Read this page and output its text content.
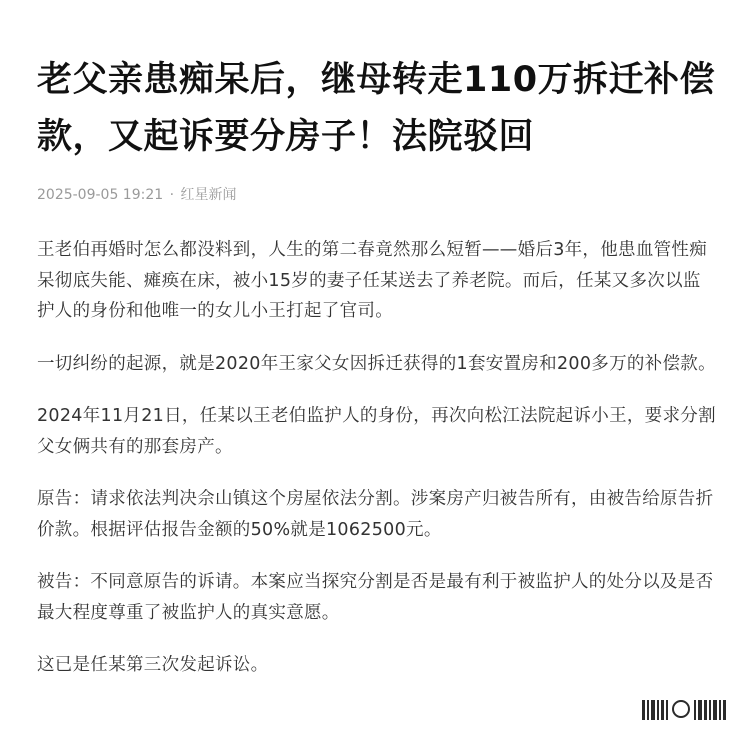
老父亲患痴呆后，继母转走110万拆迁补偿款，又起诉要分房子！法院驳回
2025-09-05 19:21 · 红星新闻

王老伯再婚时怎么都没料到，人生的第二春竟然那么短暂——婚后3年，他患血管性痴呆彻底失能、瘫痪在床，被小15岁的妻子任某送去了养老院。而后，任某又多次以监护人的身份和他唯一的女儿小王打起了官司。

一切纠纷的起源，就是2020年王家父女因拆迁获得的1套安置房和200多万的补偿款。

2024年11月21日，任某以王老伯监护人的身份，再次向松江法院起诉小王，要求分割父女俩共有的那套房产。

原告：请求依法判决佘山镇这个房屋依法分割。涉案房产归被告所有，由被告给原告折价款。根据评估报告金额的50%就是1062500元。

被告：不同意原告的诉请。本案应当探究分割是否是最有利于被监护人的处分以及是否最大程度尊重了被监护人的真实意愿。

这已是任某第三次发起诉讼。
